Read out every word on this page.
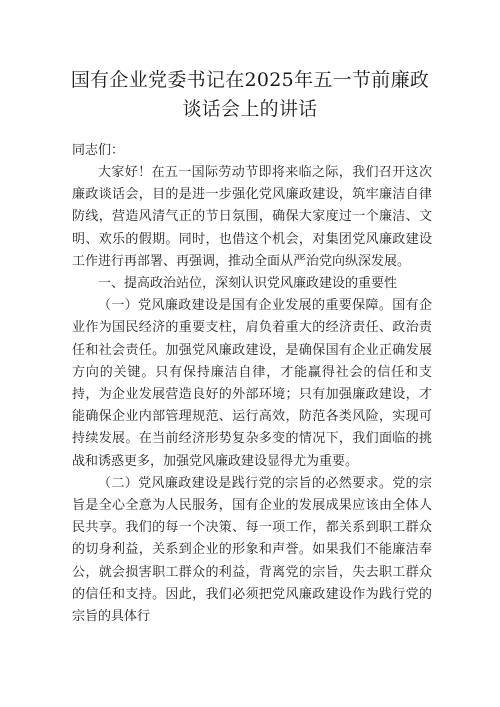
国有企业党委书记在2025年五一节前廉政
谈话会上的讲话
同志们：

大家好！在五一国际劳动节即将来临之际，我们召开这次廉政谈话会，目的是进一步强化党风廉政建设，筑牢廉洁自律防线，营造风清气正的节日氛围，确保大家度过一个廉洁、文明、欢乐的假期。同时，也借这个机会，对集团党风廉政建设工作进行再部署、再强调，推动全面从严治党向纵深发展。

一、提高政治站位，深刻认识党风廉政建设的重要性

（一）党风廉政建设是国有企业发展的重要保障。国有企业作为国民经济的重要支柱，肩负着重大的经济责任、政治责任和社会责任。加强党风廉政建设，是确保国有企业正确发展方向的关键。只有保持廉洁自律，才能赢得社会的信任和支持，为企业发展营造良好的外部环境；只有加强廉政建设，才能确保企业内部管理规范、运行高效，防范各类风险，实现可持续发展。在当前经济形势复杂多变的情况下，我们面临的挑战和诱惑更多，加强党风廉政建设显得尤为重要。

（二）党风廉政建设是践行党的宗旨的必然要求。党的宗旨是全心全意为人民服务，国有企业的发展成果应该由全体人民共享。我们的每一个决策、每一项工作，都关系到职工群众的切身利益，关系到企业的形象和声誉。如果我们不能廉洁奉公，就会损害职工群众的利益，背离党的宗旨，失去职工群众的信任和支持。因此，我们必须把党风廉政建设作为践行党的宗旨的具体行
